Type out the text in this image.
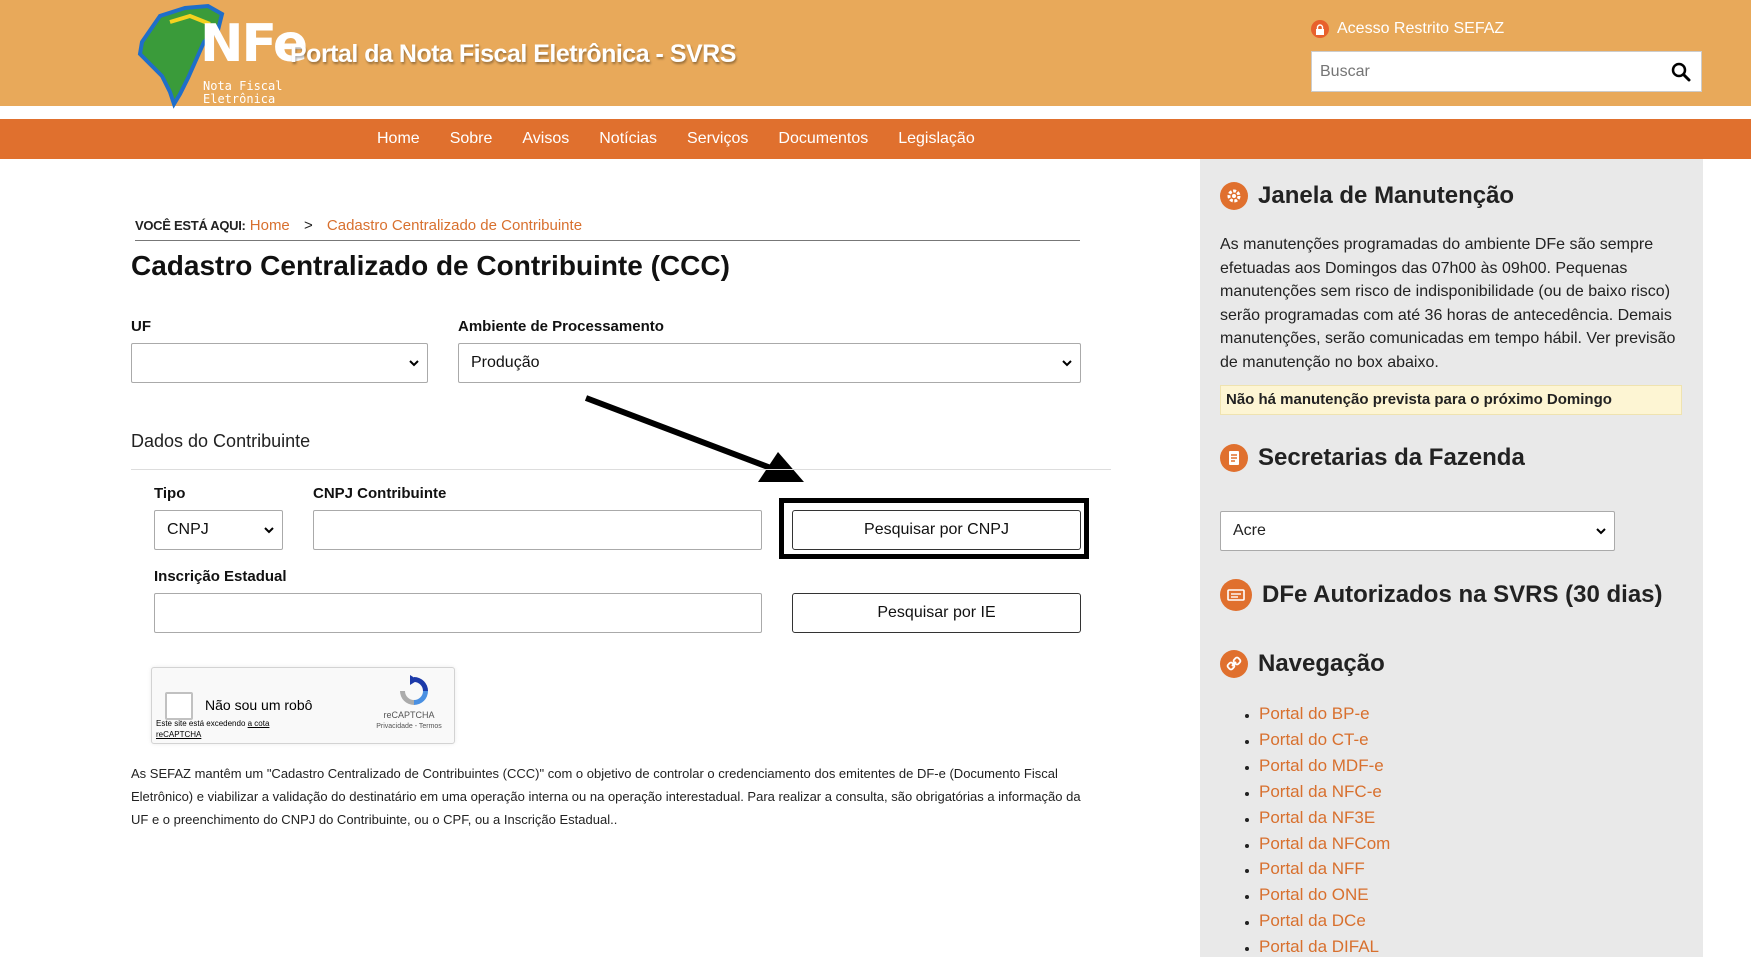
NFe
Nota Fiscal
Eletrônica
Portal da Nota Fiscal Eletrônica - SVRS
Acesso Restrito SEFAZ
Buscar
Home Sobre Avisos Notícias Serviços Documentos Legislação
VOCÊ ESTÁ AQUI: Home > Cadastro Centralizado de Contribuinte
Cadastro Centralizado de Contribuinte (CCC)
UF	Ambiente de Processamento
Produção
Dados do Contribuinte
Tipo
CNPJ
CNPJ Contribuinte
Pesquisar por CNPJ
Inscrição Estadual
Pesquisar por IE
Não sou um robô
Este site está excedendo a cota reCAPTCHA
reCAPTCHA
Privacidade - Termos

As SEFAZ mantêm um "Cadastro Centralizado de Contribuintes (CCC)" com o objetivo de controlar o credenciamento dos emitentes de DF-e (Documento Fiscal Eletrônico) e viabilizar a validação do destinatário em uma operação interna ou na operação interestadual. Para realizar a consulta, são obrigatórias a informação da UF e o preenchimento do CNPJ do Contribuinte, ou o CPF, ou a Inscrição Estadual..

Janela de Manutenção

As manutenções programadas do ambiente DFe são sempre efetuadas aos Domingos das 07h00 às 09h00. Pequenas manutenções sem risco de indisponibilidade (ou de baixo risco) serão programadas com até 36 horas de antecedência. Demais manutenções, serão comunicadas em tempo hábil. Ver previsão de manutenção no box abaixo.

Não há manutenção prevista para o próximo Domingo
Secretarias da Fazenda
Acre
DFe Autorizados na SVRS (30 dias)
Navegação
• Portal do BP-e
• Portal do CT-e
• Portal do MDF-e
• Portal da NFC-e
• Portal da NF3E
• Portal da NFCom
• Portal da NFF
• Portal do ONE
• Portal da DCe
• Portal da DIFAL
